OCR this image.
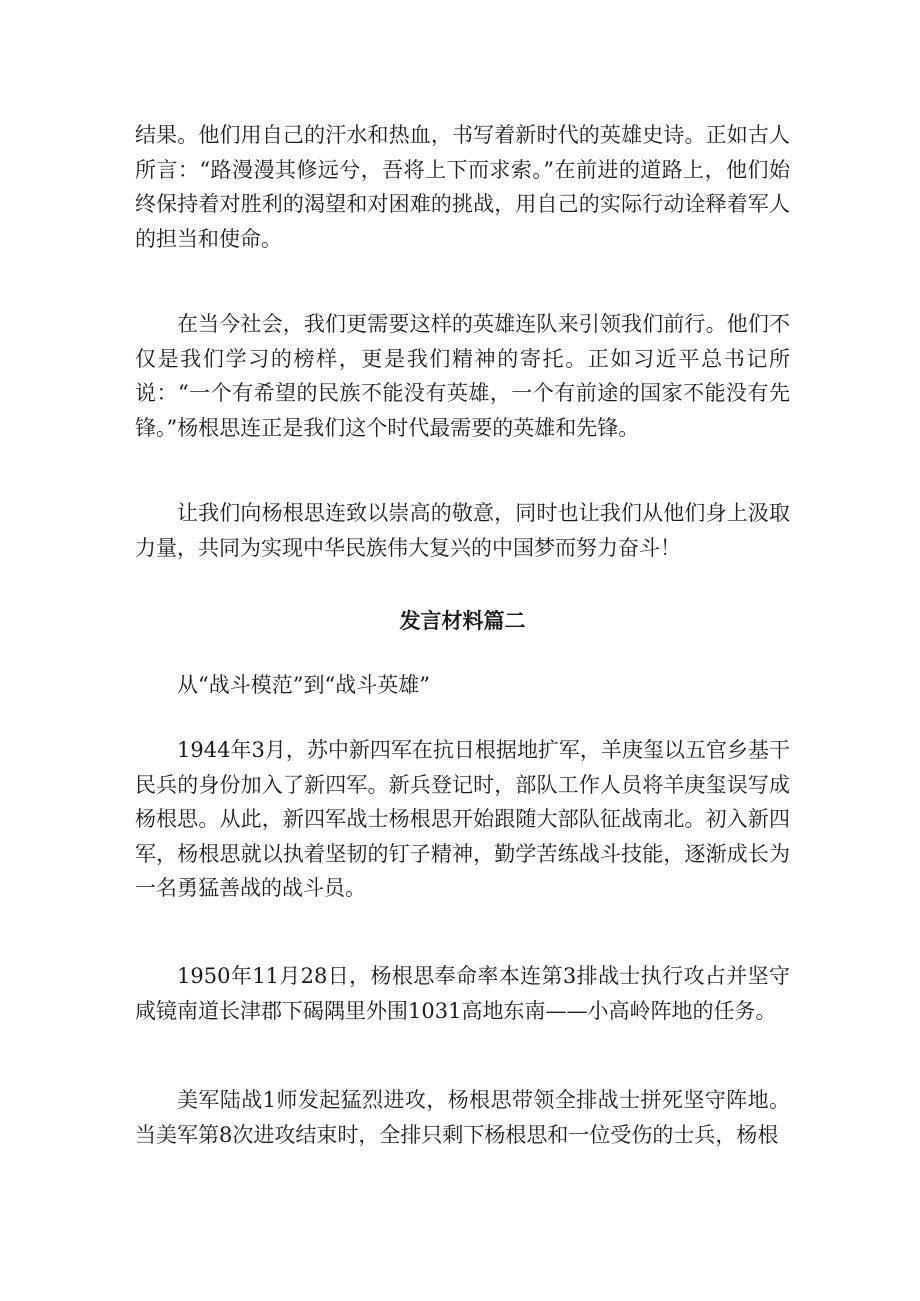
结果。他们用自己的汗水和热血，书写着新时代的英雄史诗。正如古人所言：“路漫漫其修远兮，吾将上下而求索。”在前进的道路上，他们始终保持着对胜利的渴望和对困难的挑战，用自己的实际行动诠释着军人的担当和使命。

在当今社会，我们更需要这样的英雄连队来引领我们前行。他们不仅是我们学习的榜样，更是我们精神的寄托。正如习近平总书记所说：“一个有希望的民族不能没有英雄，一个有前途的国家不能没有先锋。”杨根思连正是我们这个时代最需要的英雄和先锋。

让我们向杨根思连致以崇高的敬意，同时也让我们从他们身上汲取力量，共同为实现中华民族伟大复兴的中国梦而努力奋斗！

发言材料篇二

从“战斗模范”到“战斗英雄”

1944年3月，苏中新四军在抗日根据地扩军，羊庚玺以五官乡基干民兵的身份加入了新四军。新兵登记时，部队工作人员将羊庚玺误写成杨根思。从此，新四军战士杨根思开始跟随大部队征战南北。初入新四军，杨根思就以执着坚韧的钉子精神，勤学苦练战斗技能，逐渐成长为一名勇猛善战的战斗员。

1950年11月28日，杨根思奉命率本连第3排战士执行攻占并坚守咸镜南道长津郡下碣隅里外围1031高地东南——小高岭阵地的任务。

美军陆战1师发起猛烈进攻，杨根思带领全排战士拼死坚守阵地。当美军第8次进攻结束时，全排只剩下杨根思和一位受伤的士兵，杨根
